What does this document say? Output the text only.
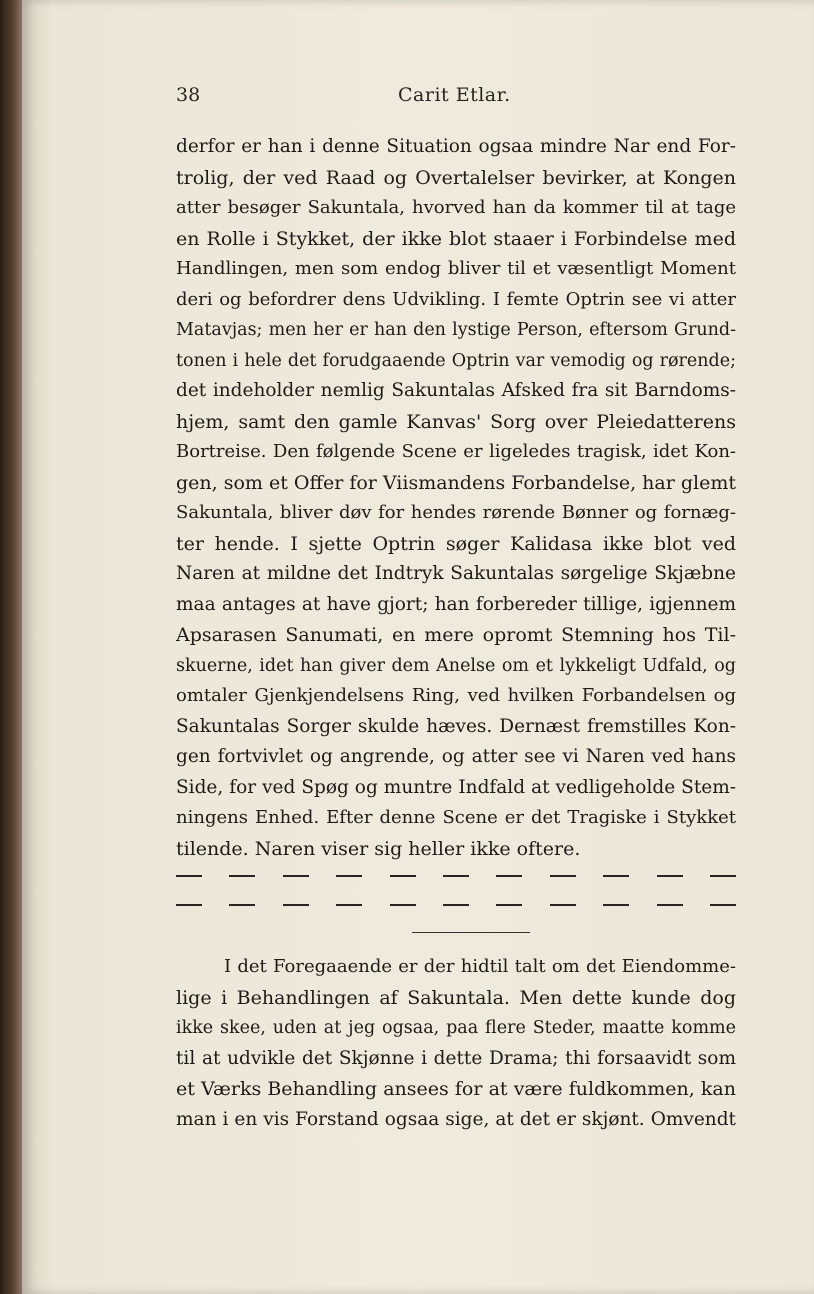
38	Carit Etlar.
derfor er han i denne Situation ogsaa mindre Nar end For-
trolig, der ved Raad og Overtalelser bevirker, at Kongen
atter besøger Sakuntala, hvorved han da kommer til at tage
en Rolle i Stykket, der ikke blot staaer i Forbindelse med
Handlingen, men som endog bliver til et væsentligt Moment
deri og befordrer dens Udvikling. I femte Optrin see vi atter
Matavjas; men her er han den lystige Person, eftersom Grund-
tonen i hele det forudgaaende Optrin var vemodig og rørende;
det indeholder nemlig Sakuntalas Afsked fra sit Barndoms-
hjem, samt den gamle Kanvas' Sorg over Pleiedatterens
Bortreise. Den følgende Scene er ligeledes tragisk, idet Kon-
gen, som et Offer for Viismandens Forbandelse, har glemt
Sakuntala, bliver døv for hendes rørende Bønner og fornæg-
ter hende. I sjette Optrin søger Kalidasa ikke blot ved
Naren at mildne det Indtryk Sakuntalas sørgelige Skjæbne
maa antages at have gjort; han forbereder tillige, igjennem
Apsarasen Sanumati, en mere opromt Stemning hos Til-
skuerne, idet han giver dem Anelse om et lykkeligt Udfald, og
omtaler Gjenkjendelsens Ring, ved hvilken Forbandelsen og
Sakuntalas Sorger skulde hæves. Dernæst fremstilles Kon-
gen fortvivlet og angrende, og atter see vi Naren ved hans
Side, for ved Spøg og muntre Indfald at vedligeholde Stem-
ningens Enhed. Efter denne Scene er det Tragiske i Stykket
tilende. Naren viser sig heller ikke oftere.
I det Foregaaende er der hidtil talt om det Eiendomme-
lige i Behandlingen af Sakuntala. Men dette kunde dog
ikke skee, uden at jeg ogsaa, paa flere Steder, maatte komme
til at udvikle det Skjønne i dette Drama; thi forsaavidt som
et Værks Behandling ansees for at være fuldkommen, kan
man i en vis Forstand ogsaa sige, at det er skjønt. Omvendt
